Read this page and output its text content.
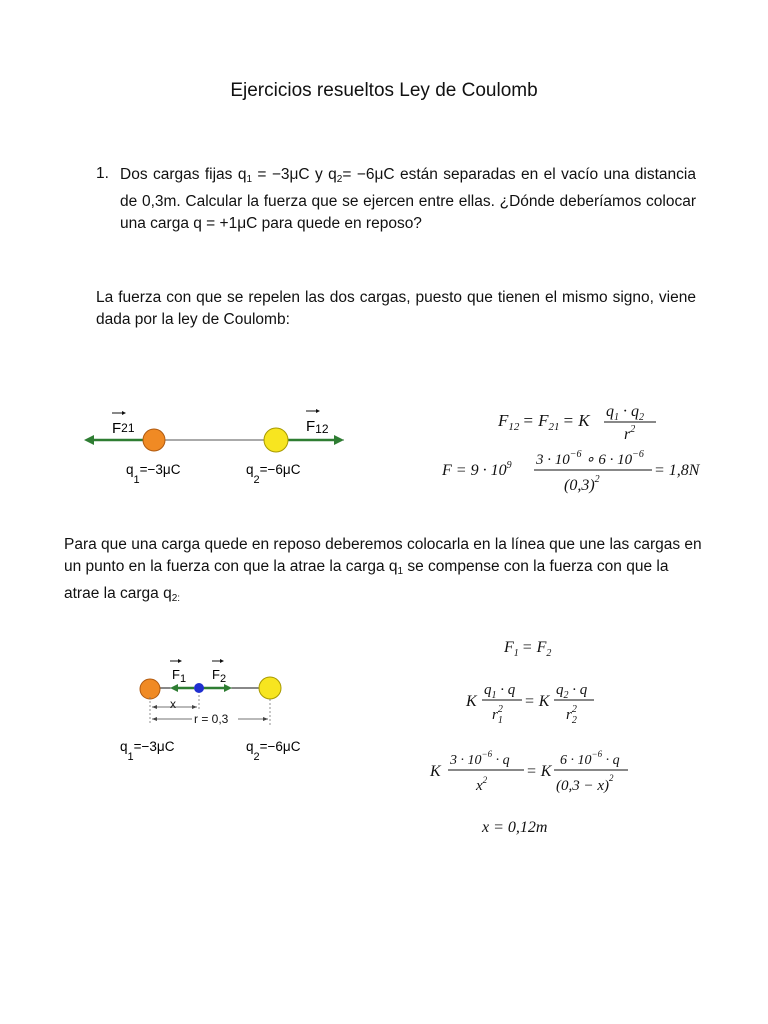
Ejercicios resueltos Ley de Coulomb
1. Dos cargas fijas $q_1 = -3\mu C$ y $q_2= -6\mu C$ están separadas en el vacío una distancia de 0,3m. Calcular la fuerza que se ejercen entre ellas. ¿Dónde deberíamos colocar una carga q = +1μC para quede en reposo?
La fuerza con que se repelen las dos cargas, puesto que tienen el mismo signo, viene dada por la ley de Coulomb:
F21	F12
$q_1=-3\mu C$	$q_2=-6\mu C$
$F_{12} = F_{21} = K$ $q_1 \cdot q_2$
$r^2$
$F = 9 \cdot 10^9$ $3 \cdot 10^{-6}$ ∘ $6 \cdot 10^{-6}$
$(0,3)^2$
= 1,8N
Para que una carga quede en reposo deberemos colocarla en la línea que une las cargas en un punto en la fuerza con que la atrae la carga $q_1$ se compense con la fuerza con que la atrae la carga $q_{2:}$
$F_1$ $F_2$
x
r = 0,3
$q_1=-3\mu C$	$q_2=-6\mu C$
$F_1 = F_2$
K
$q_1 \cdot q$
$r_12 = K$
$q_2 \cdot q$
$r_22$
K
$3 \cdot 10^{-6} \cdot q$
$x^2 = K$
$6 \cdot 10^{-6} \cdot q$
$(0,3 - x)^2$
x = 0,12m
